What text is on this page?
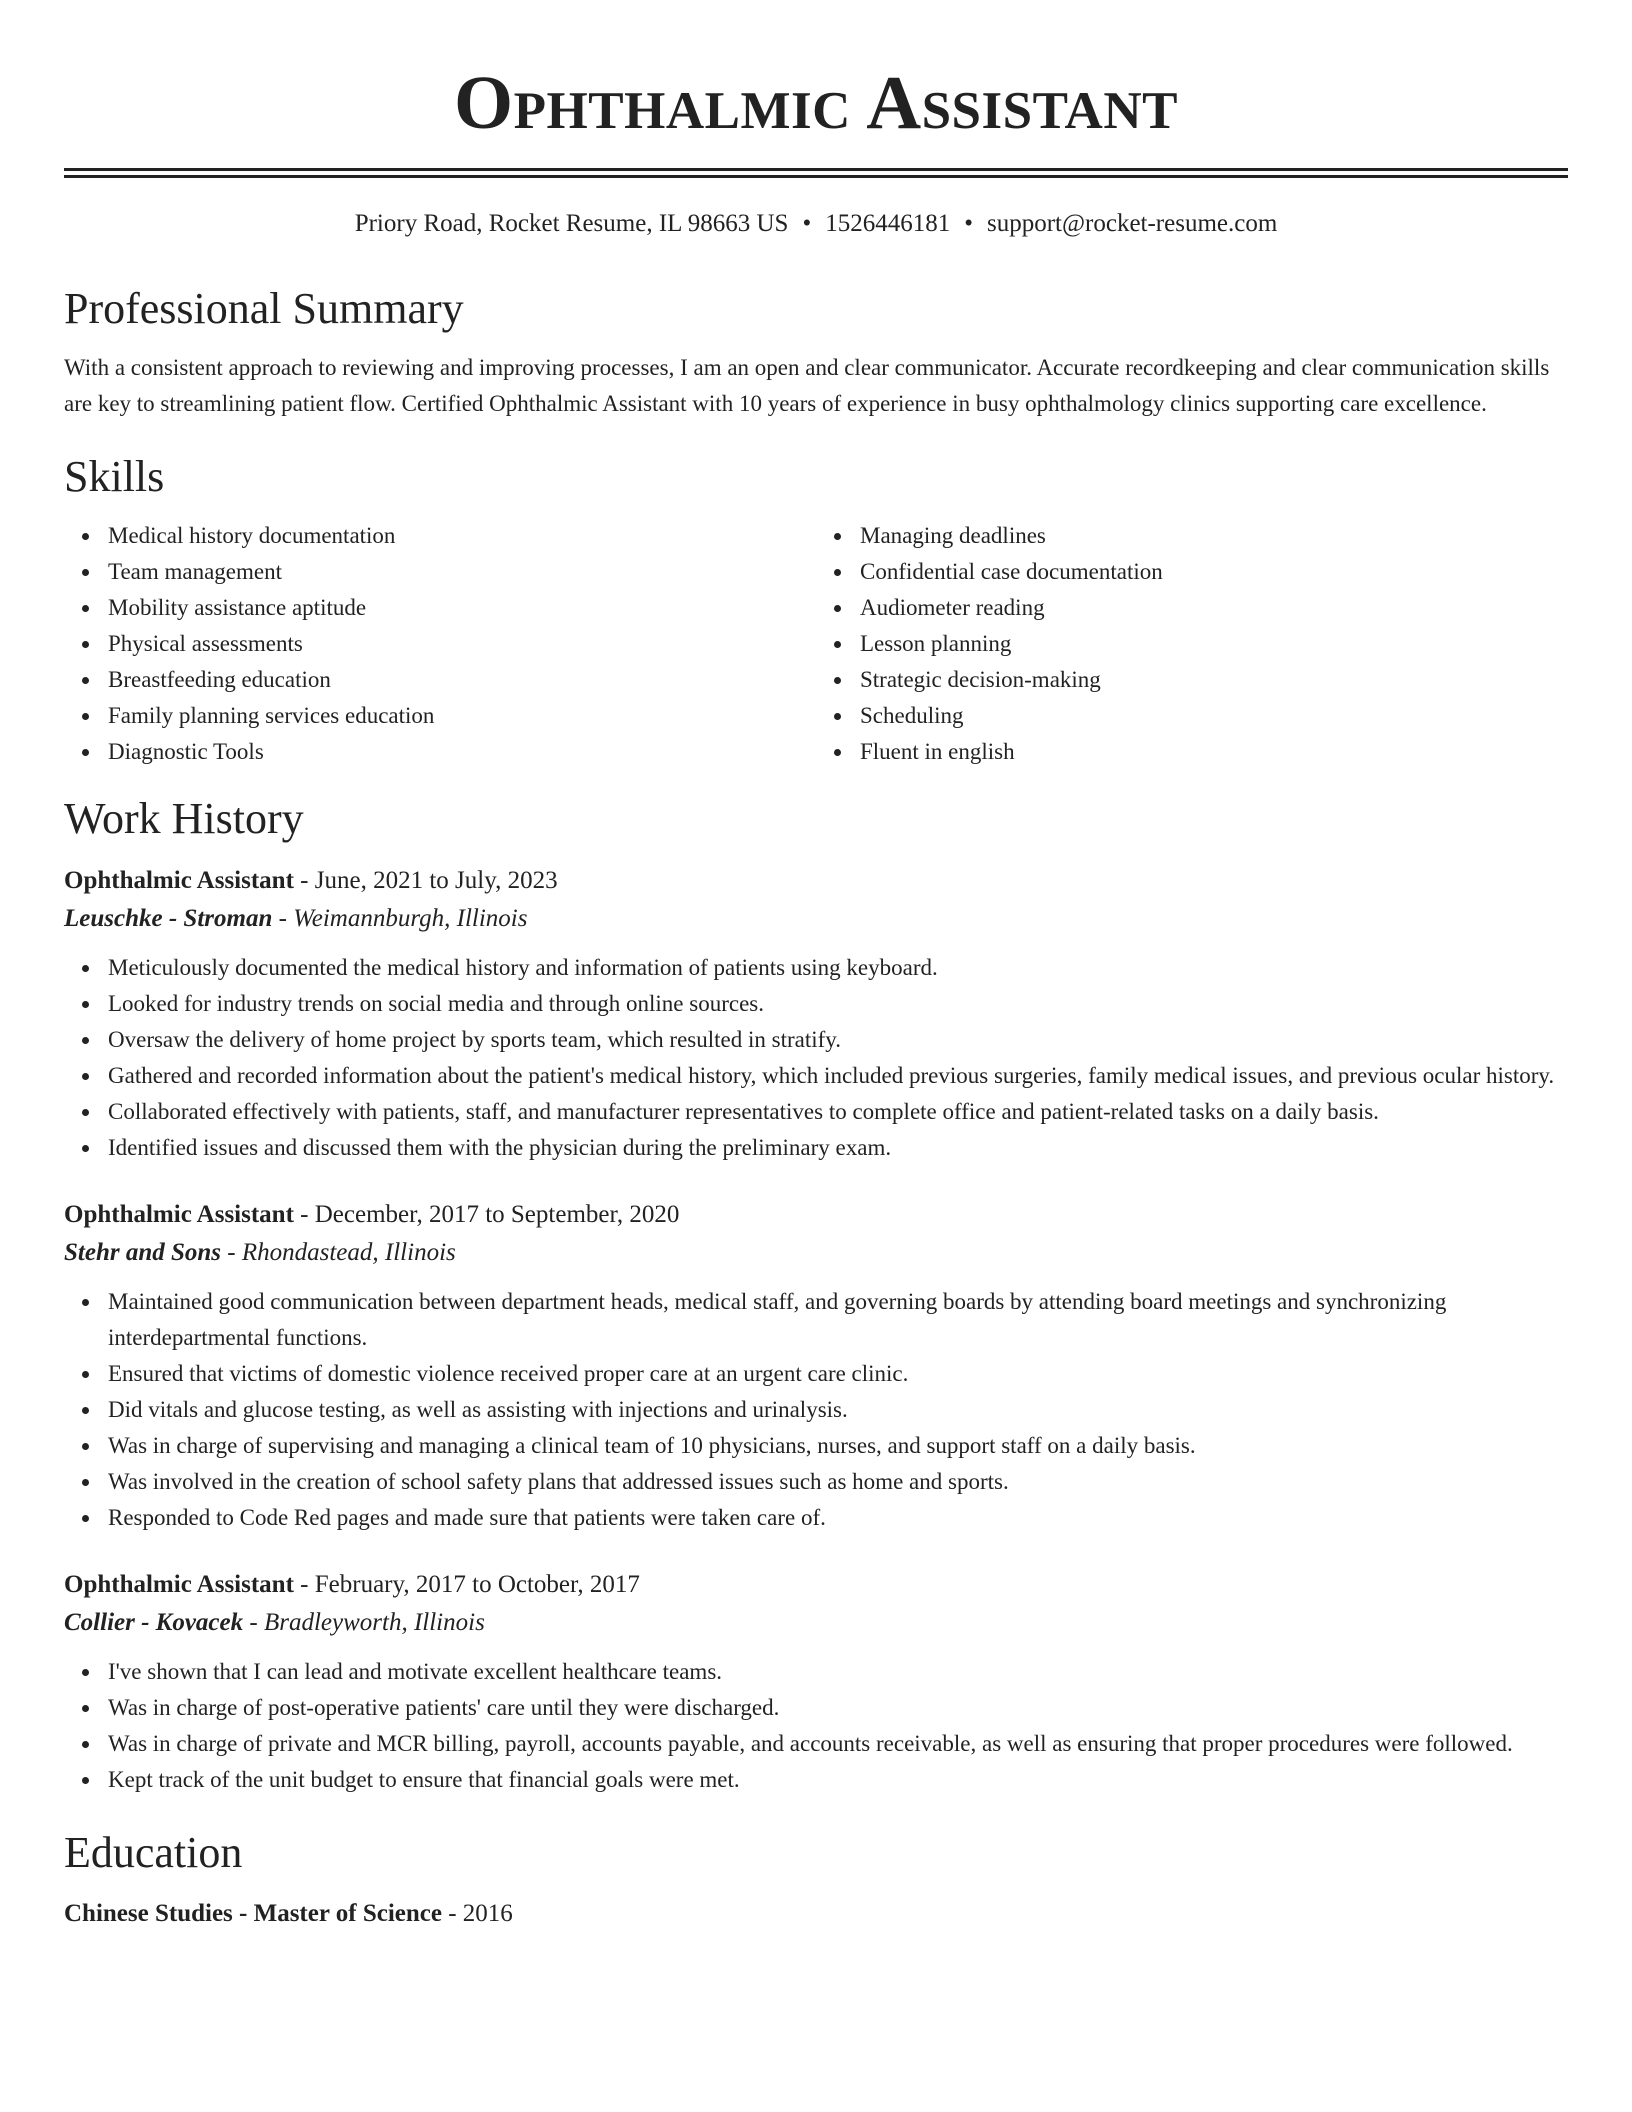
Ophthalmic Assistant
Priory Road, Rocket Resume, IL 98663 US • 1526446181 • support@rocket-resume.com
Professional Summary
With a consistent approach to reviewing and improving processes, I am an open and clear communicator. Accurate recordkeeping and clear communication skills are key to streamlining patient flow. Certified Ophthalmic Assistant with 10 years of experience in busy ophthalmology clinics supporting care excellence.
Skills
Medical history documentation
Team management
Mobility assistance aptitude
Physical assessments
Breastfeeding education
Family planning services education
Diagnostic Tools
Managing deadlines
Confidential case documentation
Audiometer reading
Lesson planning
Strategic decision-making
Scheduling
Fluent in english
Work History
Ophthalmic Assistant - June, 2021 to July, 2023
Leuschke - Stroman - Weimannburgh, Illinois
Meticulously documented the medical history and information of patients using keyboard.
Looked for industry trends on social media and through online sources.
Oversaw the delivery of home project by sports team, which resulted in stratify.
Gathered and recorded information about the patient's medical history, which included previous surgeries, family medical issues, and previous ocular history.
Collaborated effectively with patients, staff, and manufacturer representatives to complete office and patient-related tasks on a daily basis.
Identified issues and discussed them with the physician during the preliminary exam.
Ophthalmic Assistant - December, 2017 to September, 2020
Stehr and Sons - Rhondastead, Illinois
Maintained good communication between department heads, medical staff, and governing boards by attending board meetings and synchronizing interdepartmental functions.
Ensured that victims of domestic violence received proper care at an urgent care clinic.
Did vitals and glucose testing, as well as assisting with injections and urinalysis.
Was in charge of supervising and managing a clinical team of 10 physicians, nurses, and support staff on a daily basis.
Was involved in the creation of school safety plans that addressed issues such as home and sports.
Responded to Code Red pages and made sure that patients were taken care of.
Ophthalmic Assistant - February, 2017 to October, 2017
Collier - Kovacek - Bradleyworth, Illinois
I've shown that I can lead and motivate excellent healthcare teams.
Was in charge of post-operative patients' care until they were discharged.
Was in charge of private and MCR billing, payroll, accounts payable, and accounts receivable, as well as ensuring that proper procedures were followed.
Kept track of the unit budget to ensure that financial goals were met.
Education
Chinese Studies - Master of Science - 2016
